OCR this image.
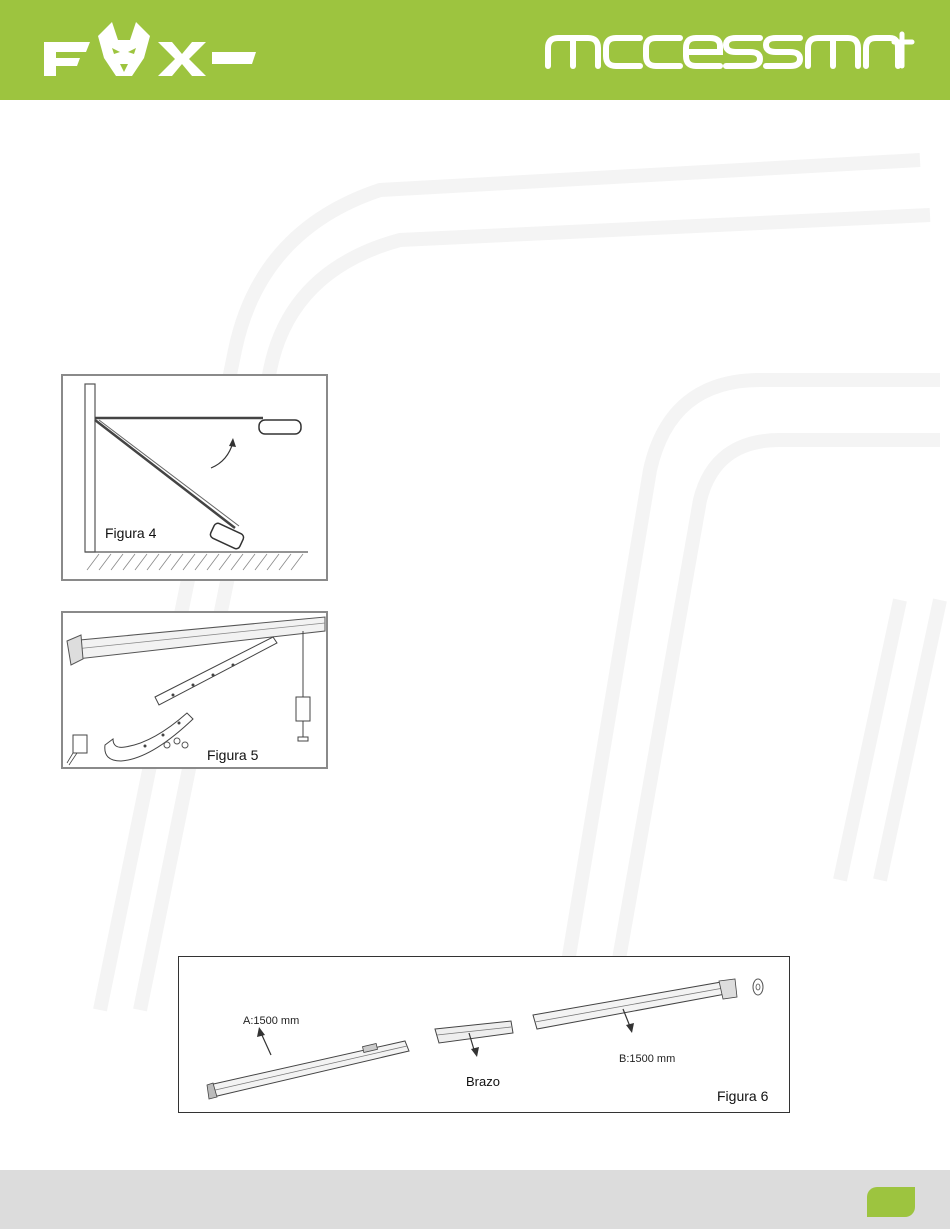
Figura 4
Figura 5
A:1500 mm
B:1500 mm
Brazo
Figura 6
